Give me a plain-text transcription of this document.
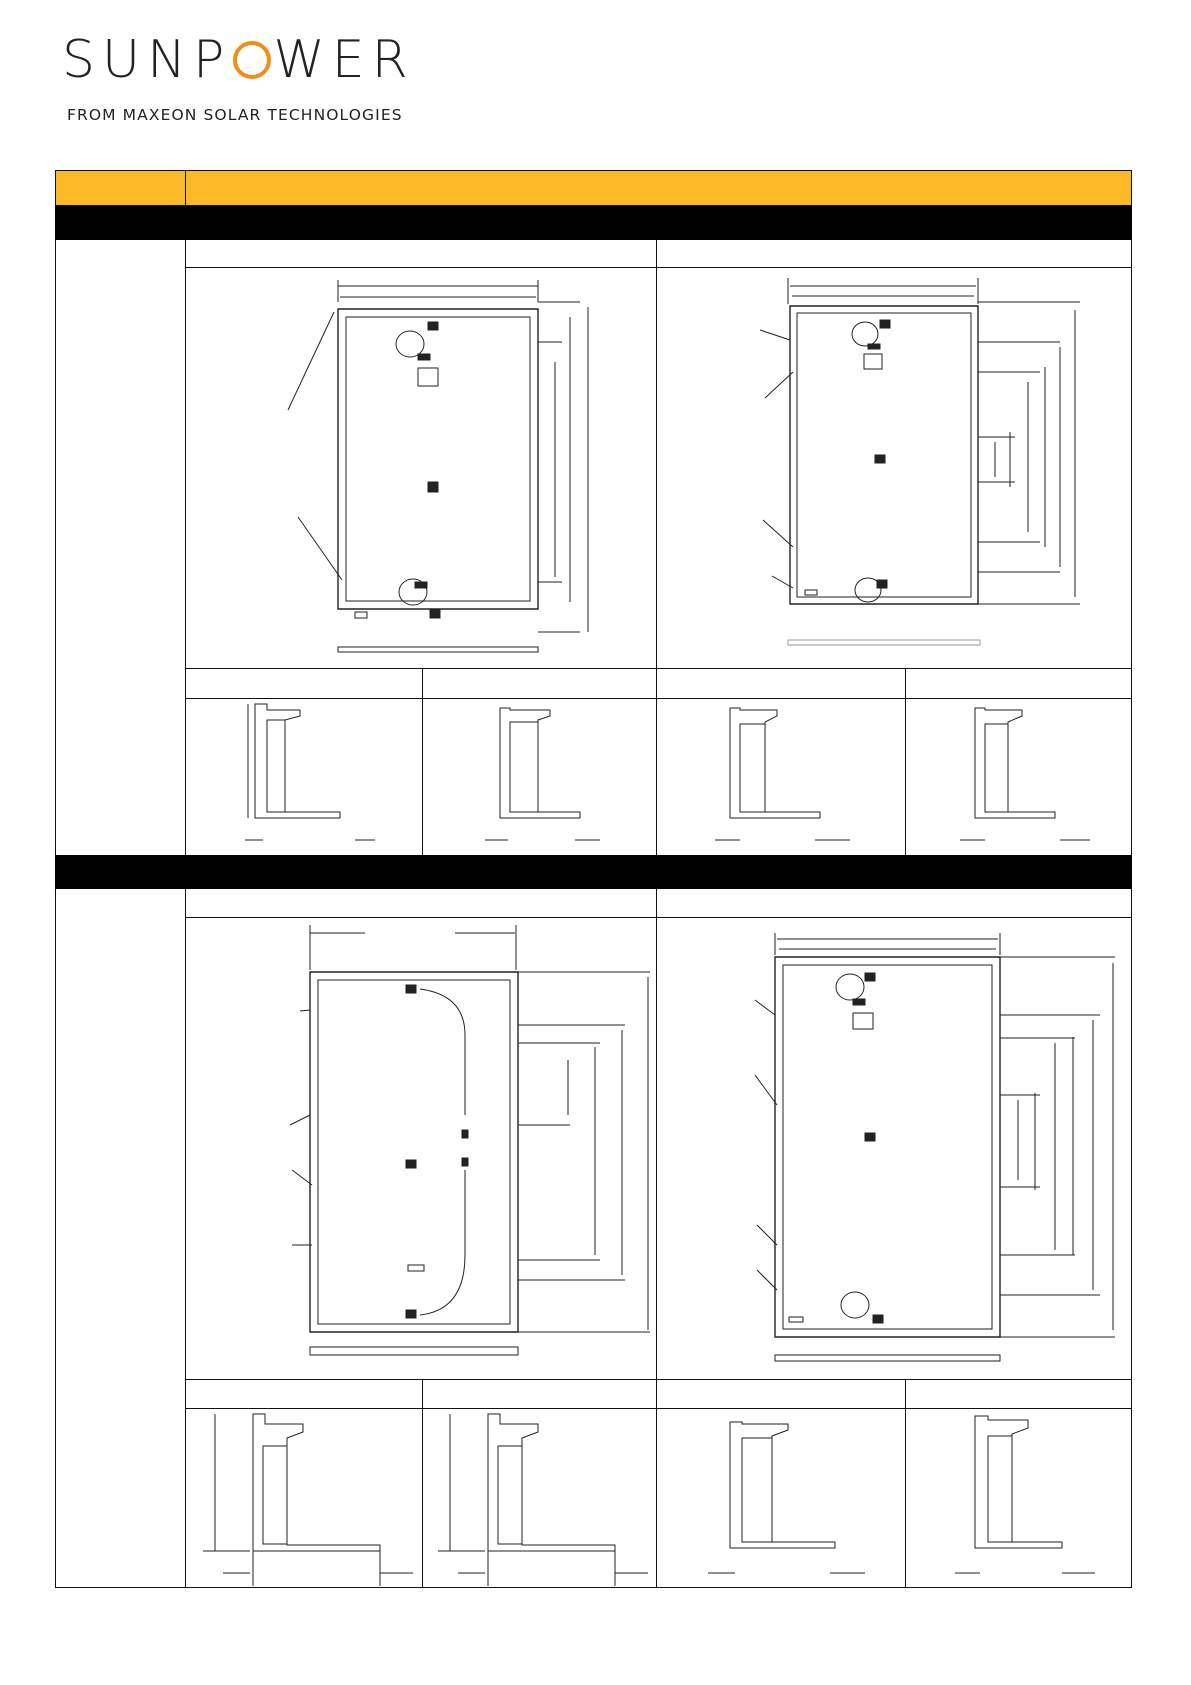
SUNP WER
FROM MAXEON SOLAR TECHNOLOGIES
